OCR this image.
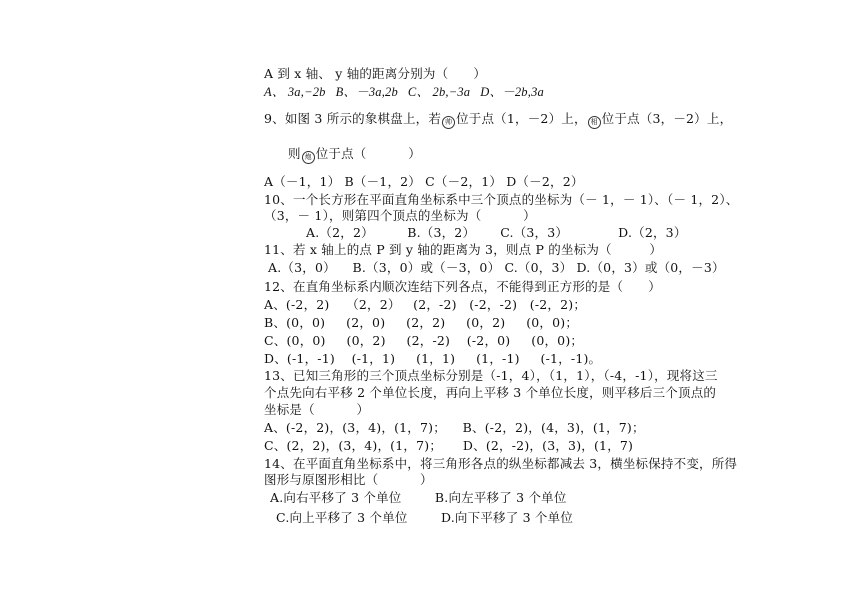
A 到 x 轴、 y 轴的距离分别为（      ）
A、 3a,−2b   B、－3a,2b   C、 2b,−3a   D、－2b,3a
9、如图 3 所示的象棋盘上，若 帅 位于点（1，－2）上， 相 位于点（3，－2）上，
则 炮 位于点（          ）
A（－1，1） B（－1，2） C（－2，1） D（－2，2）
10、一个长方形在平面直角坐标系中三个顶点的坐标为（－ 1，－ 1）、（－ 1，2）、
（3，－ 1），则第四个顶点的坐标为（          ）
A.（2，2）        B.（3，2）      C.（3，3）            D.（2，3）
11、若 x 轴上的点 P 到 y 轴的距离为 3，则点 P 的坐标为（         ）
A.（3，0）    B.（3，0）或（－3，0） C.（0，3） D.（0，3）或（0，－3）
12、在直角坐标系内顺次连结下列各点，不能得到正方形的是（      ）
A、(-2，2)    （2，2）   (2，-2)   (-2，-2)   (-2，2)；
B、(0，0)     (2，0)     (2，2)     (0，2)     (0，0)；
C、(0，0)     (0，2)     (2，-2)    (-2，0)     (0，0)；
D、(-1，-1)    (-1，1)     (1，1)     (1，-1)     (-1，-1)。
13、已知三角形的三个顶点坐标分别是（-1，4），（1，1），（-4，-1），现将这三
个点先向右平移 2 个单位长度，再向上平移 3 个单位长度，则平移后三个顶点的
坐标是（          ）
A、(-2，2)，(3，4)，(1，7)；    B、(-2，2)，(4，3)，(1，7)；
C、(2，2)，(3，4)，(1，7)；     D、(2，-2)，(3，3)，(1，7)
14、在平面直角坐标系中，将三角形各点的纵坐标都减去 3，横坐标保持不变，所得
图形与原图形相比（          ）
A.向右平移了 3 个单位        B.向左平移了 3 个单位
C.向上平移了 3 个单位        D.向下平移了 3 个单位
